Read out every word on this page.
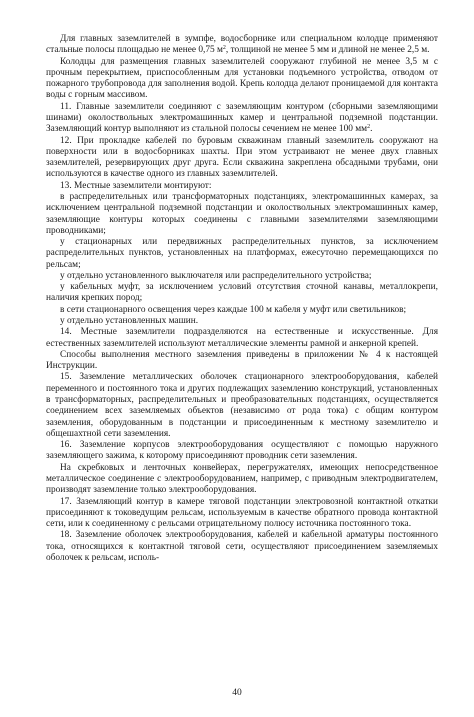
Для главных заземлителей в зумпфе, водосборнике или специальном колодце применяют стальные полосы площадью не менее 0,75 $м^2$, толщиной не менее 5 мм и длиной не менее 2,5 м.

Колодцы для размещения главных заземлителей сооружают глубиной не менее 3,5 м с прочным перекрытием, приспособленным для установки подъемного устройства, отводом от пожарного трубопровода для заполнения водой. Крепь колодца делают проницаемой для контакта воды с горным массивом.

11. Главные заземлители соединяют с заземляющим контуром (сборными заземляющими шинами) околоствольных электромашинных камер и центральной подземной подстанции. Заземляющий контур выполняют из стальной полосы сечением не менее 100 $мм^2$.

12. При прокладке кабелей по буровым скважинам главный заземлитель сооружают на поверхности или в водосборниках шахты. При этом устраивают не менее двух главных заземлителей, резервирующих друг друга. Если скважина закреплена обсадными трубами, они используются в качестве одного из главных заземлителей.

13. Местные заземлители монтируют:

в распределительных или трансформаторных подстанциях, электромашинных камерах, за исключением центральной подземной подстанции и околоствольных электромашинных камер, заземляющие контуры которых соединены с главными заземлителями заземляющими проводниками;

у стационарных или передвижных распределительных пунктов, за исключением распределительных пунктов, установленных на платформах, ежесуточно перемещающихся по рельсам;

у отдельно установленного выключателя или распределительного устройства;

у кабельных муфт, за исключением условий отсутствия сточной канавы, металлокрепи, наличия крепких пород;

в сети стационарного освещения через каждые 100 м кабеля у муфт или светильников;

у отдельно установленных машин.

14. Местные заземлители подразделяются на естественные и искусственные. Для естественных заземлителей используют металлические элементы рамной и анкерной крепей.

Способы выполнения местного заземления приведены в приложении № 4 к настоящей Инструкции.

15. Заземление металлических оболочек стационарного электрооборудования, кабелей переменного и постоянного тока и других подлежащих заземлению конструкций, установленных в трансформаторных, распределительных и преобразовательных подстанциях, осуществляется соединением всех заземляемых объектов (независимо от рода тока) с общим контуром заземления, оборудованным в подстанции и присоединенным к местному заземлителю и общешахтной сети заземления.

16. Заземление корпусов электрооборудования осуществляют с помощью наружного заземляющего зажима, к которому присоединяют проводник сети заземления.

На скребковых и ленточных конвейерах, перегружателях, имеющих непосредственное металлическое соединение с электрооборудованием, например, с приводным электродвигателем, производят заземление только электрооборудования.

17. Заземляющий контур в камере тяговой подстанции электровозной контактной откатки присоединяют к токоведущим рельсам, используемым в качестве обратного провода контактной сети, или к соединенному с рельсами отрицательному полюсу источника постоянного тока.

18. Заземление оболочек электрооборудования, кабелей и кабельной арматуры постоянного тока, относящихся к контактной тяговой сети, осуществляют присоединением заземляемых оболочек к рельсам, исполь-

40
